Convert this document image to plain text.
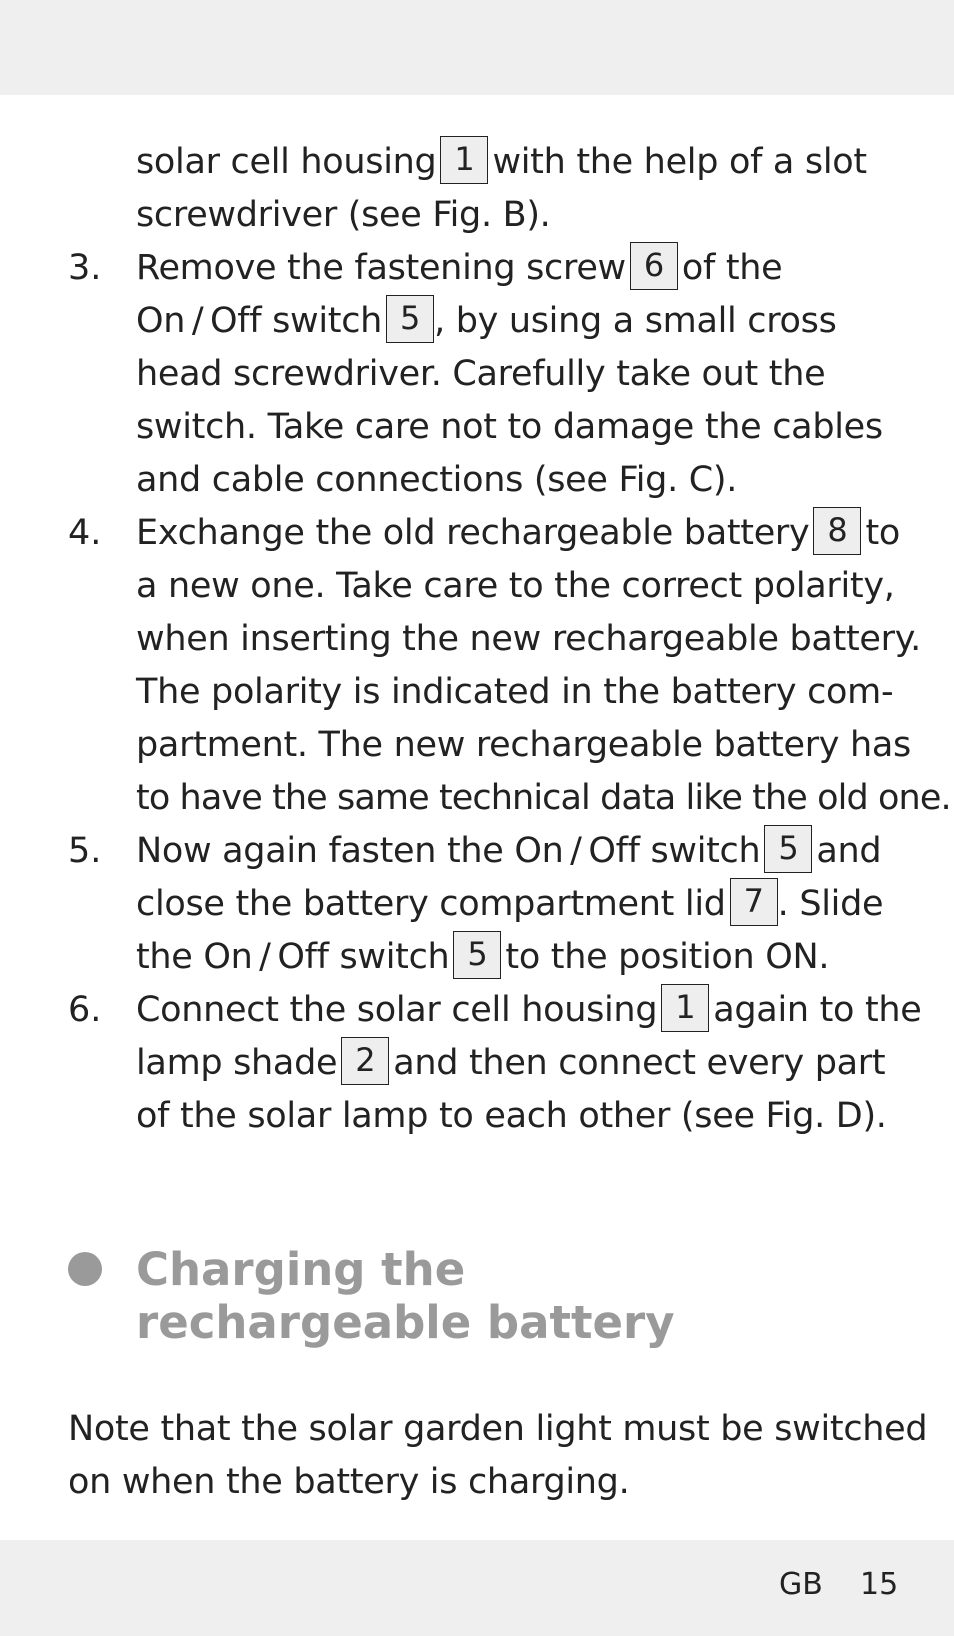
solar cell housing 1 with the help of a slot
screwdriver (see Fig. B).
3. Remove the fastening screw 6 of the
On / Off switch 5 , by using a small cross
head screwdriver. Carefully take out the
switch. Take care not to damage the cables
and cable connections (see Fig. C).
4. Exchange the old rechargeable battery 8 to
a new one. Take care to the correct polarity,
when inserting the new rechargeable battery.
The polarity is indicated in the battery com-
partment. The new rechargeable battery has
to have the same technical data like the old one.
5. Now again fasten the On / Off switch 5 and
close the battery compartment lid 7 . Slide
the On / Off switch 5 to the position ON.
6. Connect the solar cell housing 1 again to the
lamp shade 2 and then connect every part
of the solar lamp to each other (see Fig. D).
Charging the
rechargeable battery
Note that the solar garden light must be switched
on when the battery is charging.
GB 15
